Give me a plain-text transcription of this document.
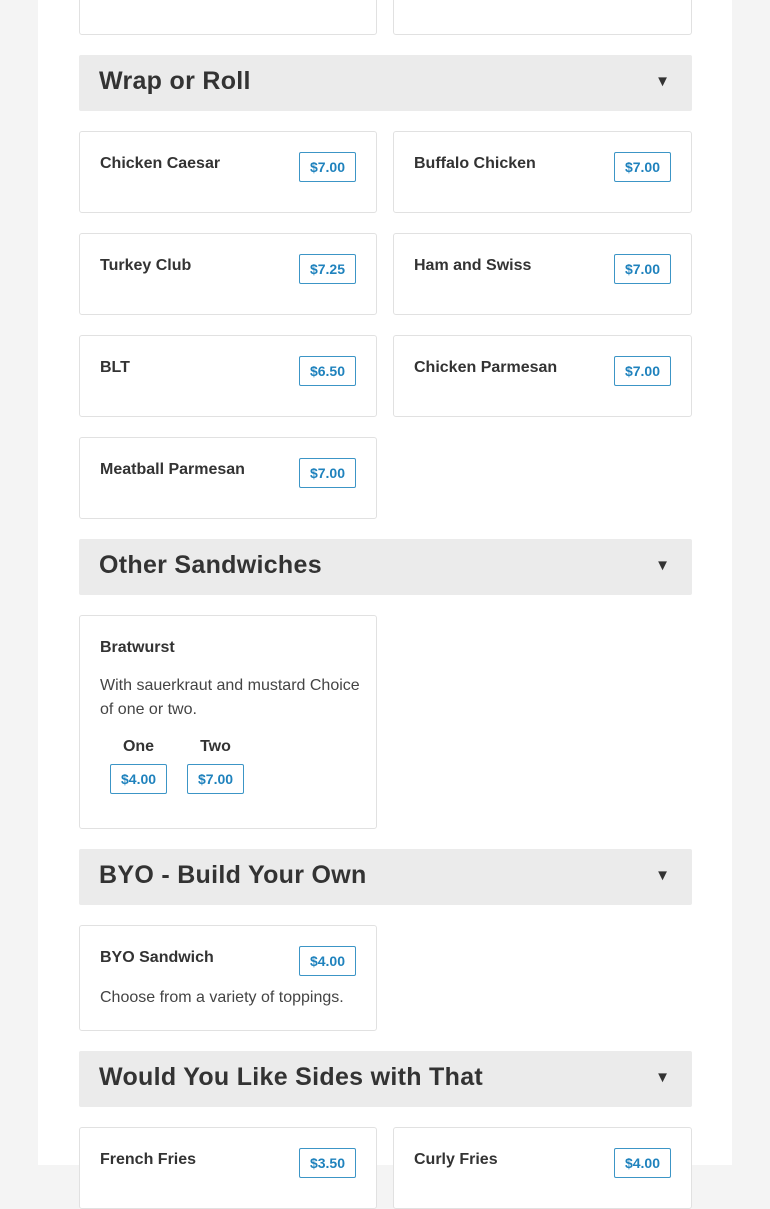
Wrap or Roll	▼
Chicken Caesar	$7.00	Buffalo Chicken	$7.00
Turkey Club	$7.25	Ham and Swiss	$7.00
BLT	$6.50	Chicken Parmesan	$7.00
Meatball Parmesan	$7.00
Other Sandwiches	▼
Bratwurst
With sauerkraut and mustard Choice of one or two.
One	Two
$4.00	$7.00
BYO - Build Your Own	▼
BYO Sandwich	$4.00
Choose from a variety of toppings.
Would You Like Sides with That	▼
French Fries	$3.50	Curly Fries	$4.00
